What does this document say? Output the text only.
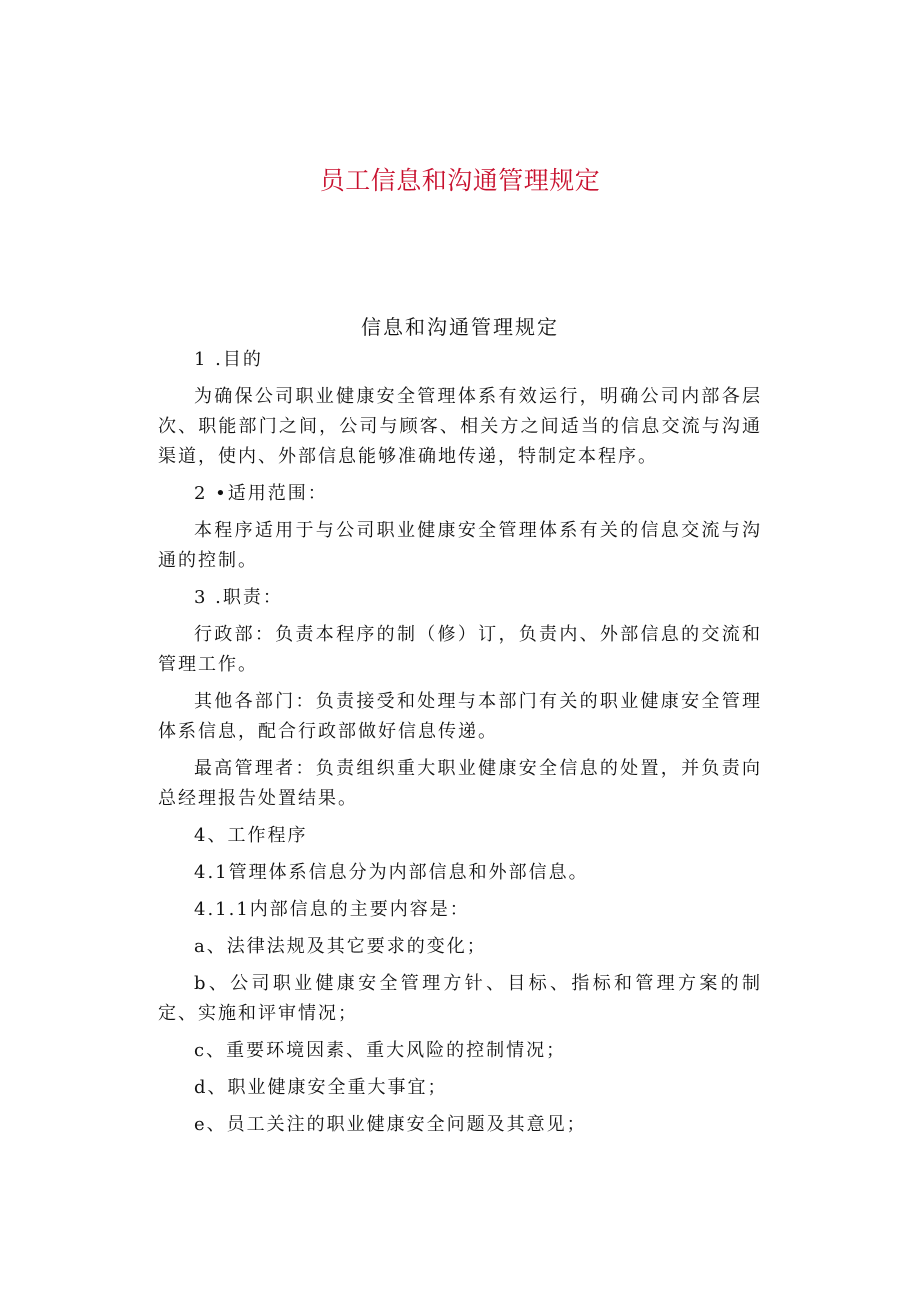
员工信息和沟通管理规定
信息和沟通管理规定

1 .目的

为确保公司职业健康安全管理体系有效运行，明确公司内部各层次、职能部门之间，公司与顾客、相关方之间适当的信息交流与沟通渠道，使内、外部信息能够准确地传递，特制定本程序。

2 •适用范围：

本程序适用于与公司职业健康安全管理体系有关的信息交流与沟通的控制。

3 .职责：

行政部：负责本程序的制（修）订，负责内、外部信息的交流和管理工作。

其他各部门：负责接受和处理与本部门有关的职业健康安全管理体系信息，配合行政部做好信息传递。

最高管理者：负责组织重大职业健康安全信息的处置，并负责向总经理报告处置结果。

4、工作程序

4.1管理体系信息分为内部信息和外部信息。

4.1.1内部信息的主要内容是：

a、法律法规及其它要求的变化；

b、公司职业健康安全管理方针、目标、指标和管理方案的制定、实施和评审情况；

c、重要环境因素、重大风险的控制情况；

d、职业健康安全重大事宜；

e、员工关注的职业健康安全问题及其意见；
